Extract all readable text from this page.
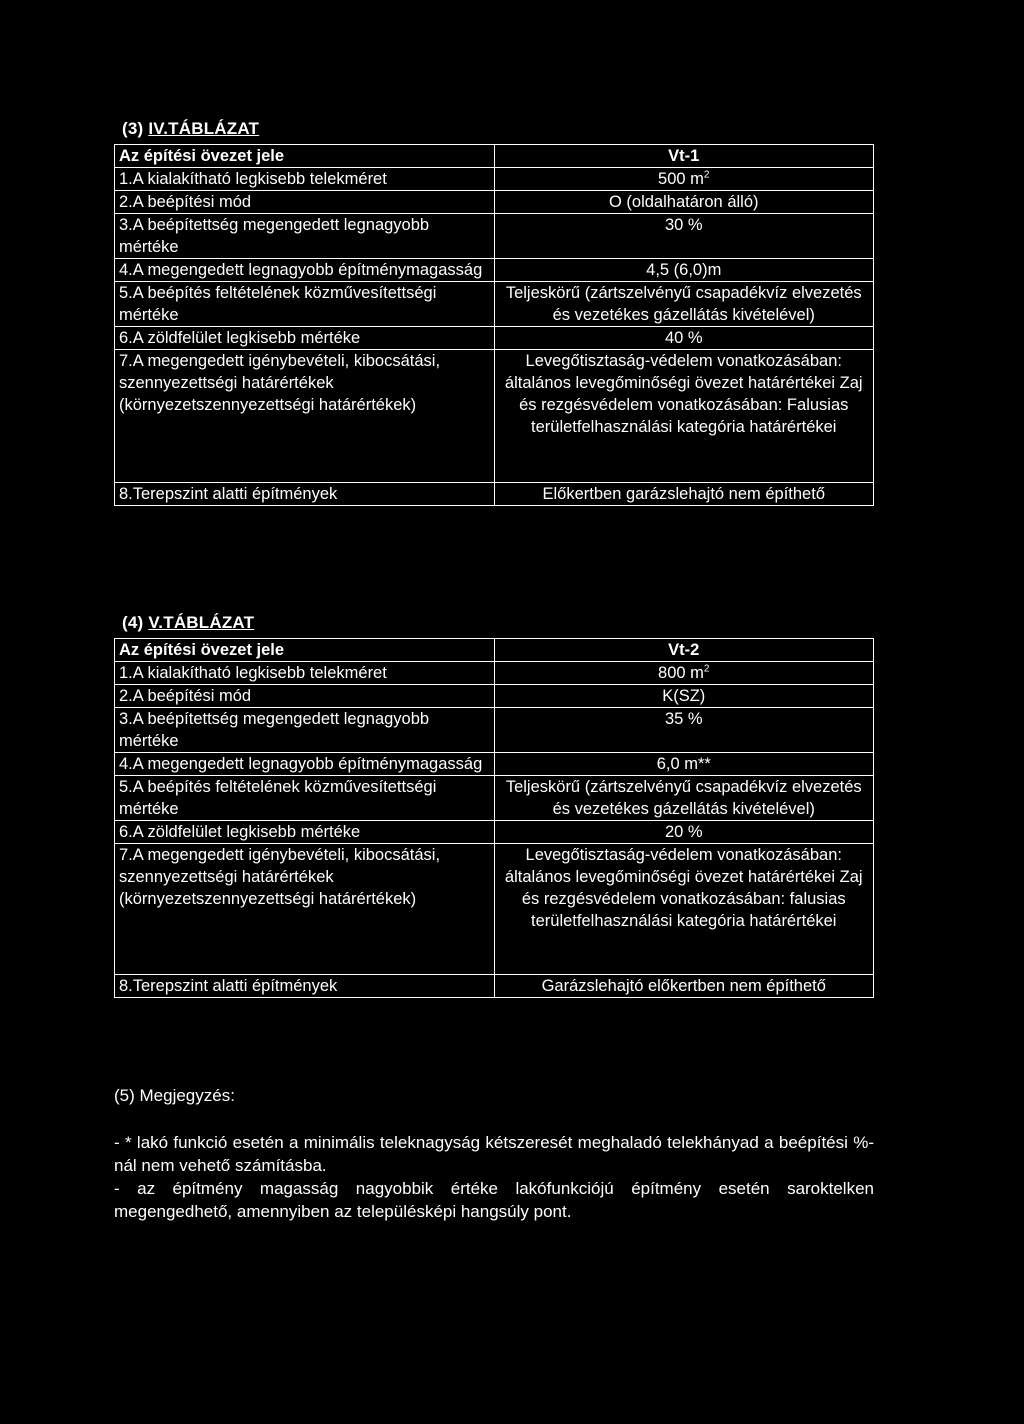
(3) IV.TÁBLÁZAT
Az építési övezet jele	Vt-1
1.A kialakítható legkisebb telekméret	500 $m^2$
2.A beépítési mód	O (oldalhatáron álló)
3.A beépítettség megengedett legnagyobb mértéke	30 %
4.A megengedett legnagyobb építménymagasság	4,5 (6,0)m
5.A beépítés feltételének közművesítettségi mértéke	Teljeskörű (zártszelvényű csapadékvíz elvezetés és vezetékes gázellátás kivételével)
6.A zöldfelület legkisebb mértéke	40 %
7.A megengedett igénybevételi, kibocsátási, szennyezettségi határértékek (környezetszennyezettségi határértékek)	Levegőtisztaság-védelem vonatkozásában: általános levegőminőségi övezet határértékei Zaj és rezgésvédelem vonatkozásában: Falusias területfelhasználási kategória határértékei
8.Terepszint alatti építmények	Előkertben garázslehajtó nem építhető
(4) V.TÁBLÁZAT
Az építési övezet jele	Vt-2
1.A kialakítható legkisebb telekméret	800 $m^2$
2.A beépítési mód	K(SZ)
3.A beépítettség megengedett legnagyobb mértéke	35 %
4.A megengedett legnagyobb építménymagasság	6,0 m**
5.A beépítés feltételének közművesítettségi mértéke	Teljeskörű (zártszelvényű csapadékvíz elvezetés és vezetékes gázellátás kivételével)
6.A zöldfelület legkisebb mértéke	20 %
7.A megengedett igénybevételi, kibocsátási, szennyezettségi határértékek (környezetszennyezettségi határértékek)	Levegőtisztaság-védelem vonatkozásában: általános levegőminőségi övezet határértékei Zaj és rezgésvédelem vonatkozásában: falusias területfelhasználási kategória határértékei
8.Terepszint alatti építmények	Garázslehajtó előkertben nem építhető
(5) Megjegyzés:
- * lakó funkció esetén a minimális teleknagyság kétszeresét meghaladó telekhányad a beépítési %-nál nem vehető számításba.
- az építmény magasság nagyobbik értéke lakófunkciójú építmény esetén saroktelken megengedhető, amennyiben az településképi hangsúly pont.
